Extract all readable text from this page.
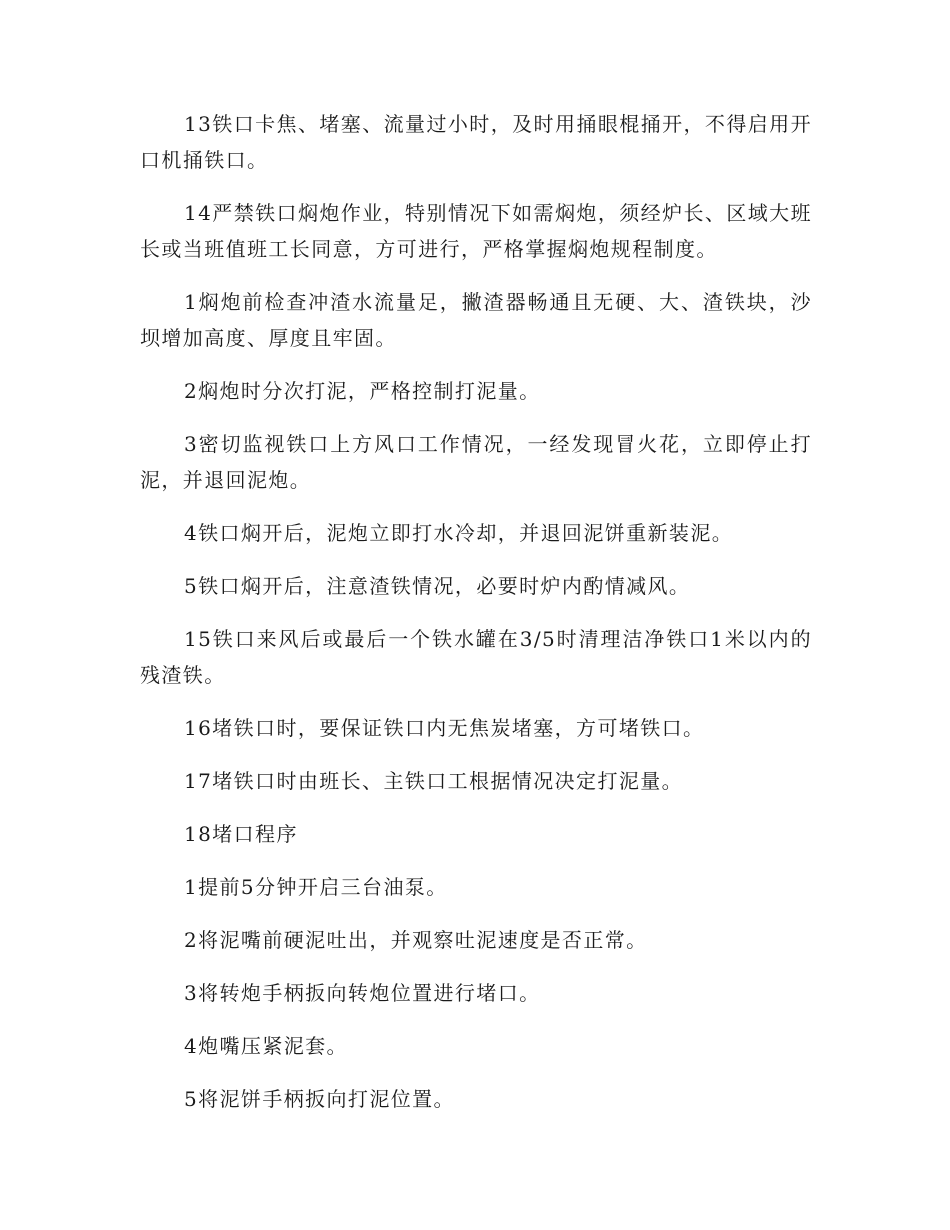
13铁口卡焦、堵塞、流量过小时，及时用捅眼棍捅开，不得启用开口机捅铁口。

14严禁铁口焖炮作业，特别情况下如需焖炮，须经炉长、区域大班长或当班值班工长同意，方可进行，严格掌握焖炮规程制度。

1焖炮前检查冲渣水流量足，撇渣器畅通且无硬、大、渣铁块，沙坝增加高度、厚度且牢固。

2焖炮时分次打泥，严格控制打泥量。

3密切监视铁口上方风口工作情况，一经发现冒火花，立即停止打泥，并退回泥炮。

4铁口焖开后，泥炮立即打水冷却，并退回泥饼重新装泥。

5铁口焖开后，注意渣铁情况，必要时炉内酌情减风。

15铁口来风后或最后一个铁水罐在3/5时清理洁净铁口1米以内的残渣铁。

16堵铁口时，要保证铁口内无焦炭堵塞，方可堵铁口。

17堵铁口时由班长、主铁口工根据情况决定打泥量。

18堵口程序

1提前5分钟开启三台油泵。

2将泥嘴前硬泥吐出，并观察吐泥速度是否正常。

3将转炮手柄扳向转炮位置进行堵口。

4炮嘴压紧泥套。

5将泥饼手柄扳向打泥位置。
